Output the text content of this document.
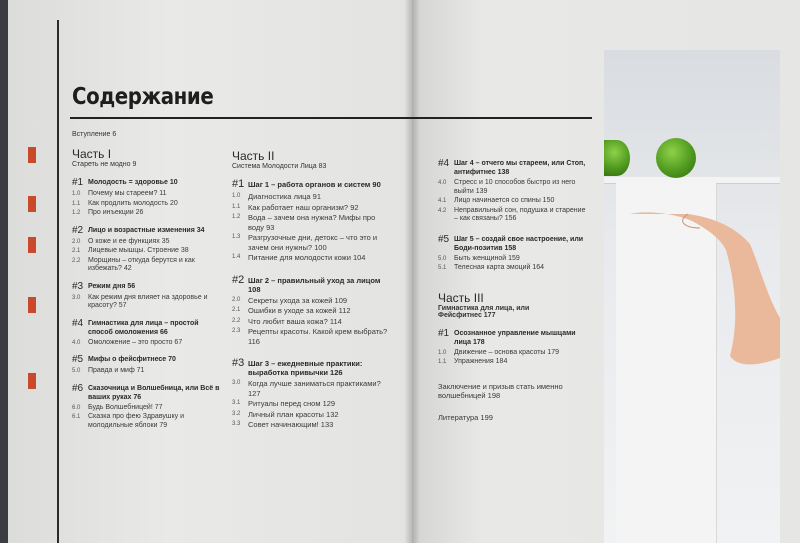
Содержание
Вступление 6
Часть I
Стареть не модно 9
#1 Молодость = здоровье 10
1.0	Почему мы стареем? 11
1.1	Как продлить молодость 20
1.2	Про инъекции 26
#2 Лицо и возрастные изменения 34
2.0	О коже и ее функциях 35
2.1	Лицевые мышцы. Строение 38
2.2	Морщины – откуда берутся и как избежать? 42
#3 Режим дня 56
3.0	Как режим дня влияет на здоровье и красоту? 57
#4 Гимнастика для лица – простой способ омоложения 66
4.0	Омоложение – это просто 67
#5 Мифы о фейсфитнесе 70
5.0	Правда и миф 71
#6 Сказочница и Волшебница, или Всё в ваших руках 76
6.0	Будь Волшебницей! 77
6.1	Сказка про фею Здравушку и молодильные яблоки 79
Часть II
Система Молодости Лица 83
#1 Шаг 1 – работа органов и систем 90
1.0	Диагностика лица 91
1.1	Как работает наш организм? 92
1.2	Вода – зачем она нужна? Мифы про воду 93
1.3	Разгрузочные дни, детокс – что это и зачем они нужны? 100
1.4	Питание для молодости кожи 104
#2 Шаг 2 – правильный уход за лицом 108
2.0	Секреты ухода за кожей 109
2.1	Ошибки в уходе за кожей 112
2.2	Что любит ваша кожа? 114
2.3	Рецепты красоты. Какой крем выбрать? 116
#3 Шаг 3 – ежедневные практики: выработка привычки 126
3.0	Когда лучше заниматься практиками? 127
3.1	Ритуалы перед сном 129
3.2	Личный план красоты 132
3.3	Совет начинающим! 133
#4 Шаг 4 – отчего мы стареем, или Стоп, антифитнес 138
4.0	Стресс и 10 способов быстро из него выйти 139
4.1	Лицо начинается со спины 150
4.2	Неправильный сон, подушка и старение – как связаны? 156
#5 Шаг 5 – создай свое настроение, или Боди-позитив 158
5.0	Быть женщиной 159
5.1	Телесная карта эмоций 164
Часть III
Гимнастика для лица, или Фейсфитнес 177
#1 Осознанное управление мышцами лица 178
1.0	Движение – основа красоты 179
1.1	Упражнения 184
Заключение и призыв стать именно волшебницей 198
Литература 199
